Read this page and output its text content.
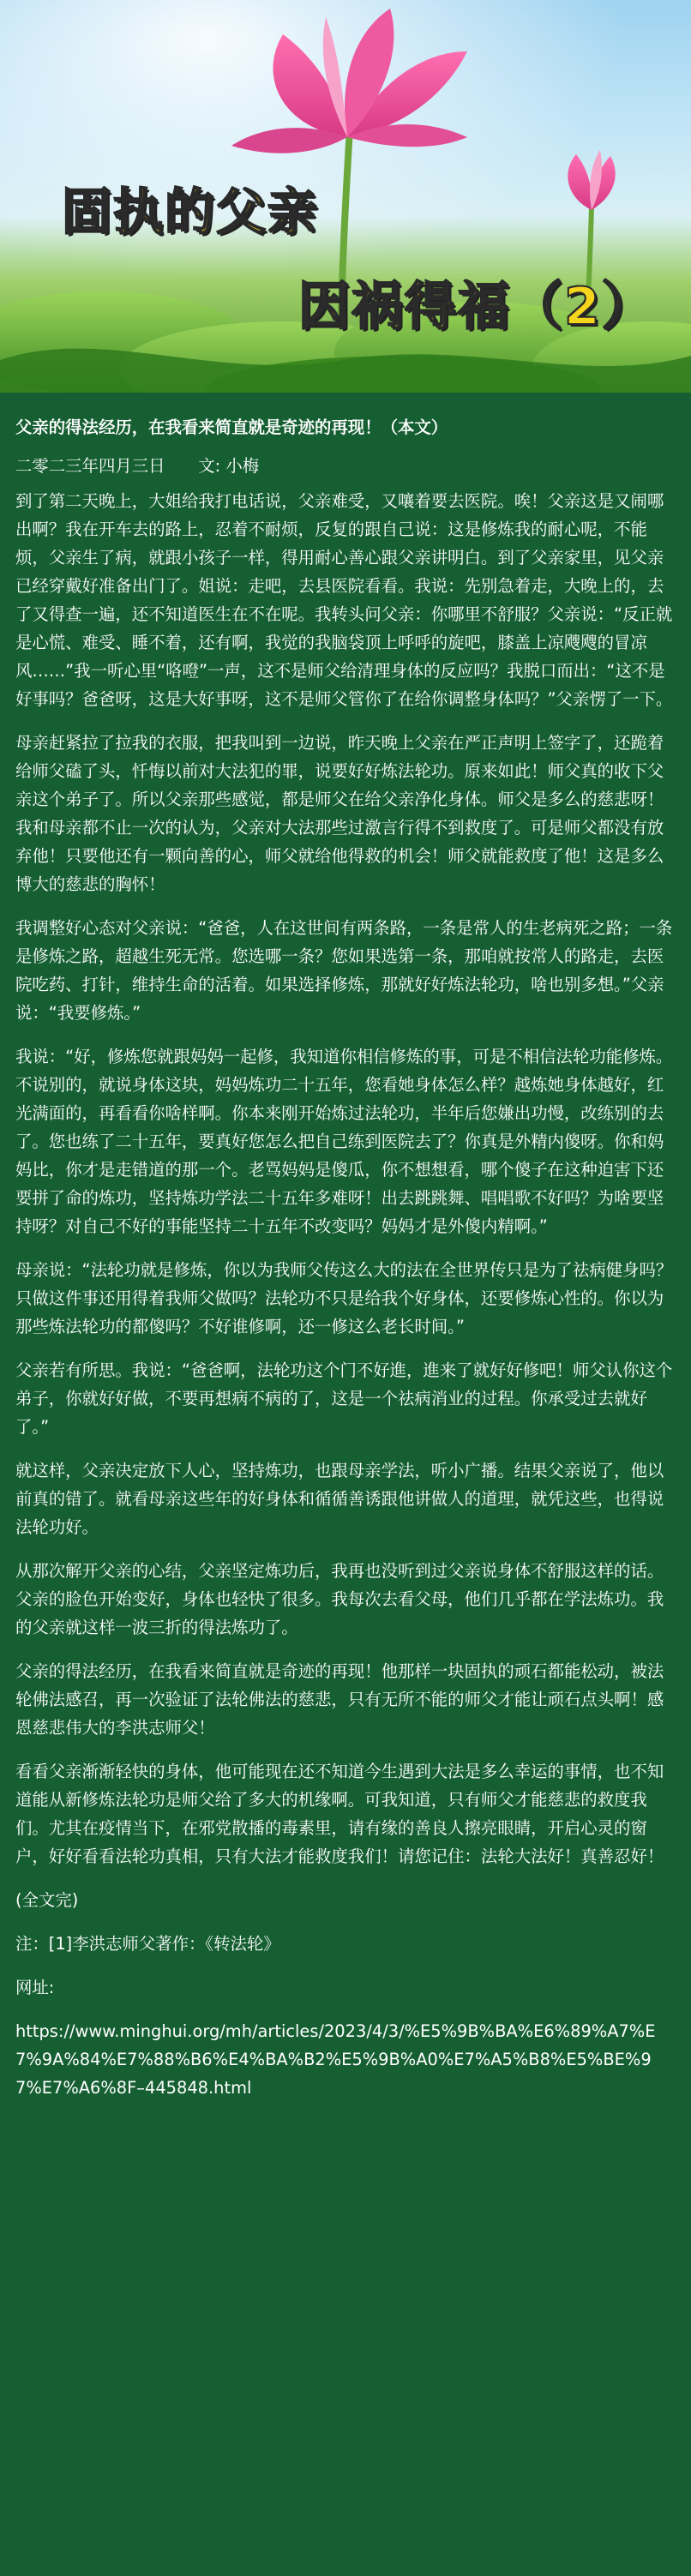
固执的父亲
因祸得福（2）

父亲的得法经历，在我看来简直就是奇迹的再现！（本文）

二零二三年四月三日　　文: 小梅

到了第二天晚上，大姐给我打电话说，父亲难受，又嚷着要去医院。唉！父亲这是又闹哪出啊？我在开车去的路上，忍着不耐烦，反复的跟自己说：这是修炼我的耐心呢，不能烦，父亲生了病，就跟小孩子一样，得用耐心善心跟父亲讲明白。到了父亲家里，见父亲已经穿戴好准备出门了。姐说：走吧，去县医院看看。我说：先别急着走，大晚上的，去了又得查一遍，还不知道医生在不在呢。我转头问父亲：你哪里不舒服？父亲说：“反正就是心慌、难受、睡不着，还有啊，我觉的我脑袋顶上呼呼的旋吧，膝盖上凉飕飕的冒凉风……”我一听心里“咯噔”一声，这不是师父给清理身体的反应吗？我脱口而出：“这不是好事吗？爸爸呀，这是大好事呀，这不是师父管你了在给你调整身体吗？”父亲愣了一下。

母亲赶紧拉了拉我的衣服，把我叫到一边说，昨天晚上父亲在严正声明上签字了，还跪着给师父磕了头，忏悔以前对大法犯的罪，说要好好炼法轮功。原来如此！师父真的收下父亲这个弟子了。所以父亲那些感觉，都是师父在给父亲净化身体。师父是多么的慈悲呀！我和母亲都不止一次的认为，父亲对大法那些过激言行得不到救度了。可是师父都没有放弃他！只要他还有一颗向善的心，师父就给他得救的机会！师父就能救度了他！这是多么博大的慈悲的胸怀！

我调整好心态对父亲说：“爸爸，人在这世间有两条路，一条是常人的生老病死之路；一条是修炼之路，超越生死无常。您选哪一条？您如果选第一条，那咱就按常人的路走，去医院吃药、打针，维持生命的活着。如果选择修炼，那就好好炼法轮功，啥也别多想。”父亲说：“我要修炼。”

我说：“好，修炼您就跟妈妈一起修，我知道你相信修炼的事，可是不相信法轮功能修炼。不说别的，就说身体这块，妈妈炼功二十五年，您看她身体怎么样？越炼她身体越好，红光满面的，再看看你啥样啊。你本来刚开始炼过法轮功，半年后您嫌出功慢，改练别的去了。您也练了二十五年，要真好您怎么把自己练到医院去了？你真是外精内傻呀。你和妈妈比，你才是走错道的那一个。老骂妈妈是傻瓜，你不想想看，哪个傻子在这种迫害下还要拼了命的炼功，坚持炼功学法二十五年多难呀！出去跳跳舞、唱唱歌不好吗？为啥要坚持呀？对自己不好的事能坚持二十五年不改变吗？妈妈才是外傻内精啊。”

母亲说：“法轮功就是修炼，你以为我师父传这么大的法在全世界传只是为了祛病健身吗？只做这件事还用得着我师父做吗？法轮功不只是给我个好身体，还要修炼心性的。你以为那些炼法轮功的都傻吗？不好谁修啊，还一修这么老长时间。”

父亲若有所思。我说：“爸爸啊，法轮功这个门不好進，進来了就好好修吧！师父认你这个弟子，你就好好做，不要再想病不病的了，这是一个祛病消业的过程。你承受过去就好了。”

就这样，父亲决定放下人心，坚持炼功，也跟母亲学法，听小广播。结果父亲说了，他以前真的错了。就看母亲这些年的好身体和循循善诱跟他讲做人的道理，就凭这些，也得说法轮功好。

从那次解开父亲的心结，父亲坚定炼功后，我再也没听到过父亲说身体不舒服这样的话。父亲的脸色开始变好，身体也轻快了很多。我每次去看父母，他们几乎都在学法炼功。我的父亲就这样一波三折的得法炼功了。

父亲的得法经历，在我看来简直就是奇迹的再现！他那样一块固执的顽石都能松动，被法轮佛法感召，再一次验证了法轮佛法的慈悲，只有无所不能的师父才能让顽石点头啊！感恩慈悲伟大的李洪志师父！

看看父亲渐渐轻快的身体，他可能现在还不知道今生遇到大法是多么幸运的事情，也不知道能从新修炼法轮功是师父给了多大的机缘啊。可我知道，只有师父才能慈悲的救度我们。尤其在疫情当下，在邪党散播的毒素里，请有缘的善良人擦亮眼睛，开启心灵的窗户，好好看看法轮功真相，只有大法才能救度我们！请您记住：法轮大法好！真善忍好！

(全文完)

注：[1]李洪志师父著作：《转法轮》

网址:

https://www.minghui.org/mh/articles/2023/4/3/%E5%9B%BA%E6%89%A7%E7%9A%84%E7%88%B6%E4%BA%B2%E5%9B%A0%E7%A5%B8%E5%BE%97%E7%A6%8F–445848.html
